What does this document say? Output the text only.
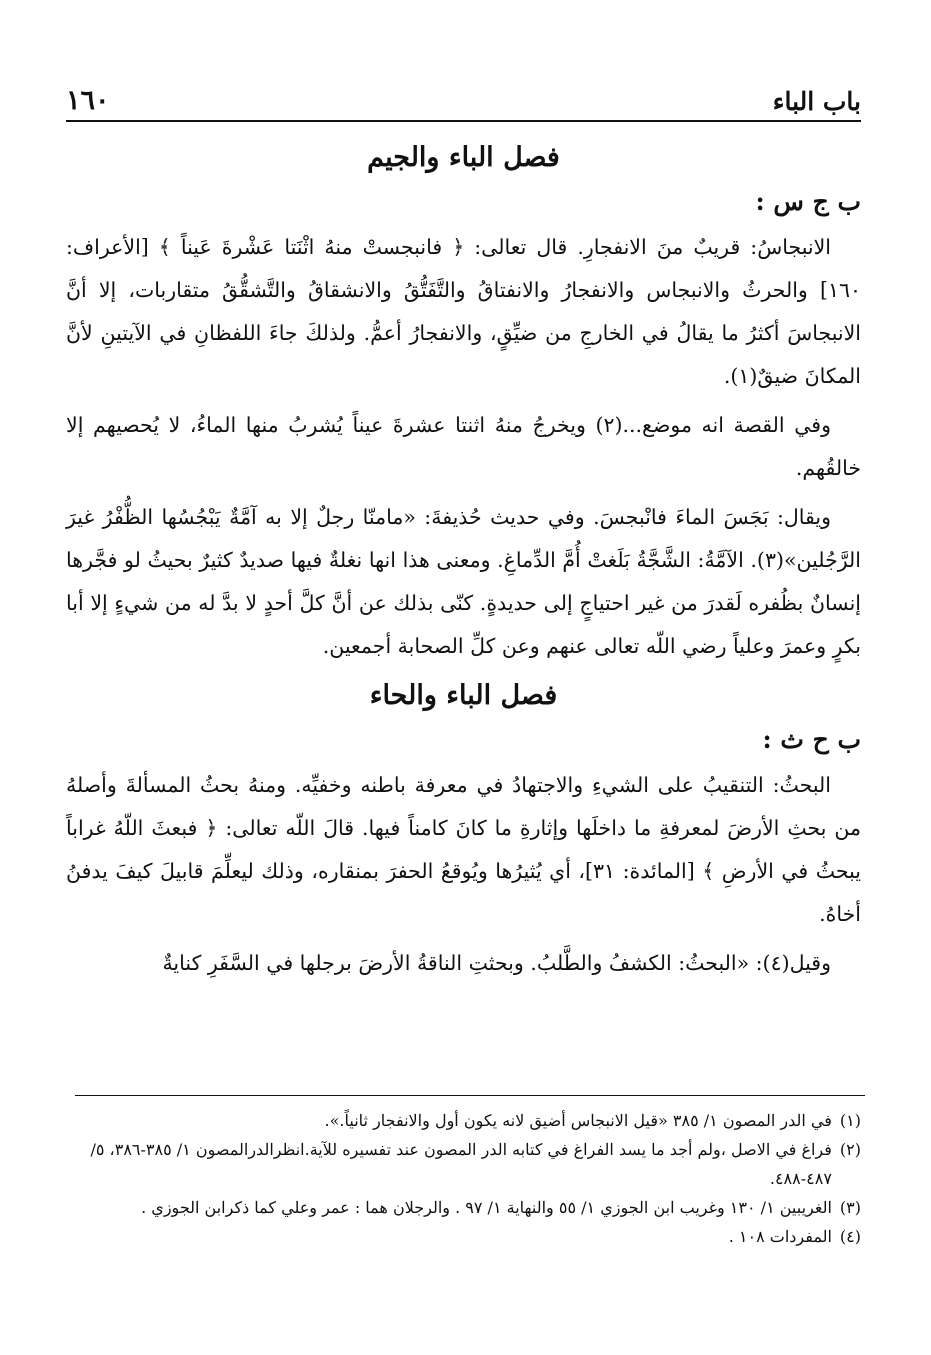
باب الباء
١٦٠
فصل الباء والجيم
ب ج س :

الانبجاسُ: قريبٌ منَ الانفجارِ. قال تعالى: ﴿ فانبجستْ منهُ اثْنَتا عَشْرةَ عَيناً ﴾ [الأعراف: ١٦٠] والحرثُ والانبجاس والانفجارُ والانفتاقُ والتَّفَتُّقُ والانشقاقُ والتَّشقُّقُ متقاربات، إلا أنَّ الانبجاسَ أكثرُ ما يقالُ في الخارجِ من ضيِّقٍ، والانفجارُ أعمُّ. ولذلكَ جاءَ اللفظانِ في الآيتينِ لأنَّ المكانَ ضيقٌ(١).

وفي القصة انه موضع...(٢) ويخرجُ منهُ اثنتا عشرةَ عيناً يُشربُ منها الماءُ، لا يُحصيهم إلا خالقُهم.

ويقال: بَجَسَ الماءَ فانْبجسَ. وفي حديث حُذيفةَ: «مامنّا رجلٌ إلا به آمَّةٌ يَبْجُسُها الظُّفْرُ غيرَ الرَّجُلين»(٣). الآمَّةُ: الشَّجَّةُ بَلَغتْ أُمَّ الدِّماغِ. ومعنى هذا انها نغلةٌ فيها صديدٌ كثيرٌ بحيثُ لو فجَّرها إنسانٌ بظُفره لَقدرَ من غير احتياجٍ إلى حديدةٍ. كنّى بذلك عن أنَّ كلَّ أحدٍ لا بدَّ له من شيءٍ إلا أبا بكرٍ وعمرَ وعلياً رضي اللّه تعالى عنهم وعن كلِّ الصحابة أجمعين.

فصل الباء والحاء
ب ح ث :

البحثُ: التنقيبُ على الشيءِ والاجتهادُ في معرفة باطنه وخفيِّه. ومنهُ بحثُ المسألةَ وأصلهُ من بحثِ الأرضَ لمعرفةِ ما داخلَها وإثارةِ ما كانَ كامناً فيها. قالَ اللّه تعالى: ﴿ فبعثَ اللّهُ غراباً يبحثُ في الأرضِ ﴾ [المائدة: ٣١]، أي يُثيرُها ويُوقعُ الحفرَ بمنقاره، وذلك ليعلِّمَ قابيلَ كيفَ يدفنُ أخاهُ.

وقيل(٤): «البحثُ: الكشفُ والطَّلبُ. وبحثتِ الناقةُ الأرضَ برجلها في السَّفَرِ كنايةٌ

(١)
في الدر المصون ١/ ٣٨٥ «قيل الانبجاس أضيق لانه يكون أول والانفجار ثانياً.».
(٢)
فراغ في الاصل ،ولم أجد ما يسد الفراغ في كتابه الدر المصون عند تفسيره للآية.انظرالدرالمصون ١/ ٣٨٥-٣٨٦، ٥/ ٤٨٧-٤٨٨.
(٣)
الغريبين ١/ ١٣٠ وغريب ابن الجوزي ١/ ٥٥ والنهاية ١/ ٩٧ . والرجلان هما : عمر وعلي كما ذكرابن الجوزي .
(٤)
المفردات ١٠٨ .
